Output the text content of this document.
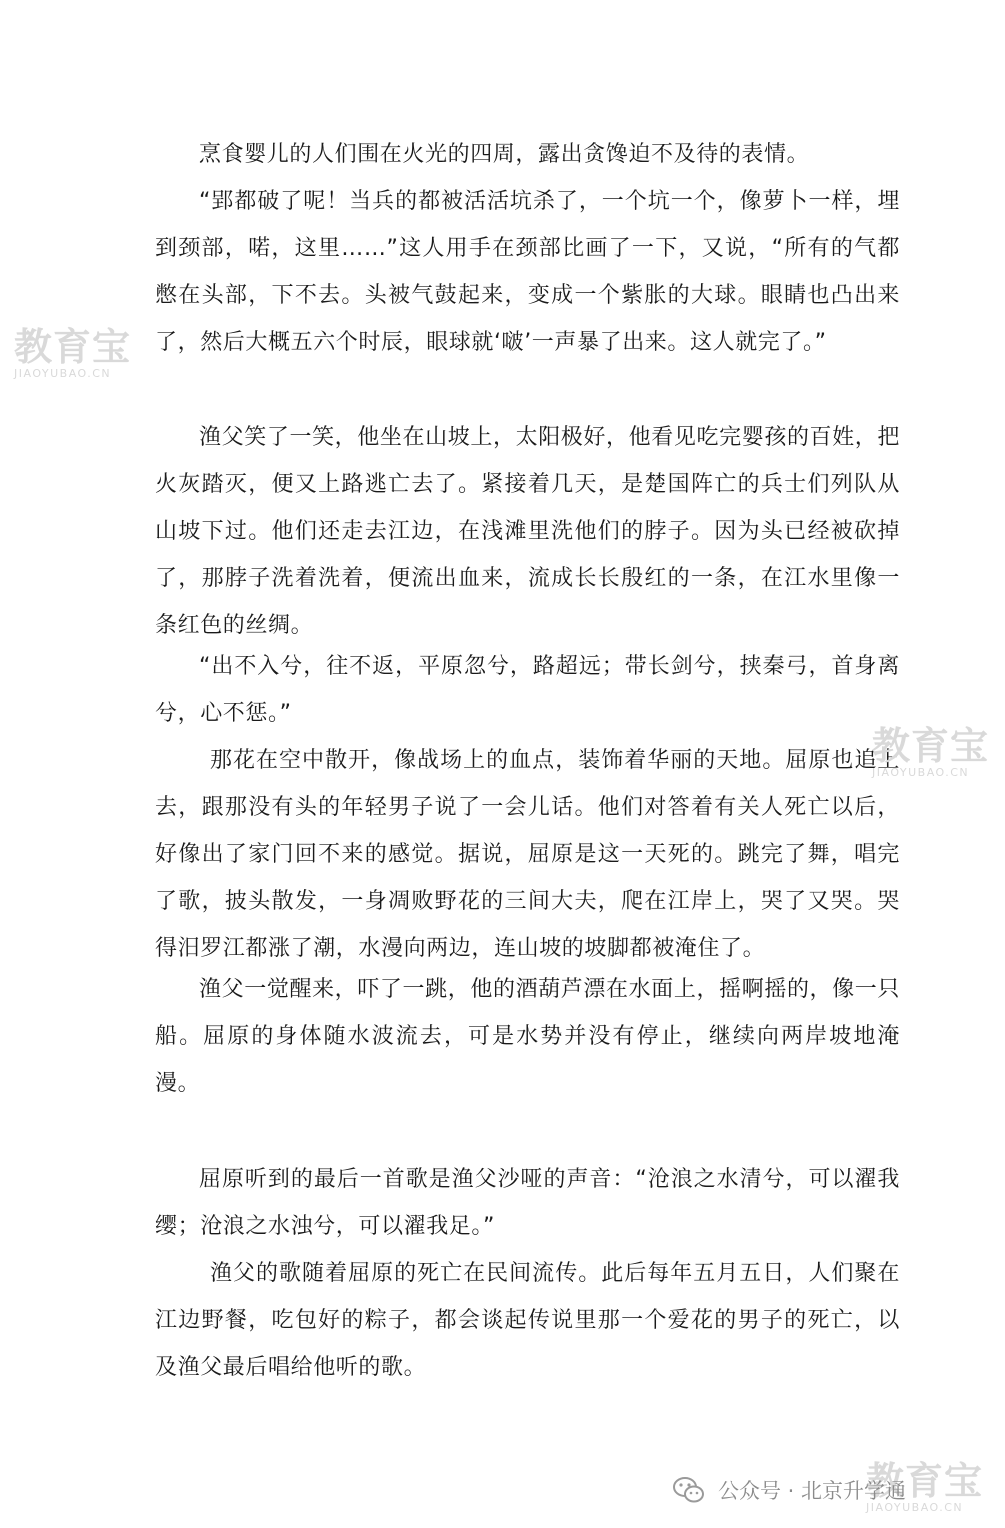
烹食婴儿的人们围在火光的四周，露出贪馋迫不及待的表情。

“郢都破了呢！当兵的都被活活坑杀了，一个坑一个，像萝卜一样，埋到颈部，喏，这里……”这人用手在颈部比画了一下，又说，“所有的气都憋在头部，下不去。头被气鼓起来，变成一个紫胀的大球。眼睛也凸出来了，然后大概五六个时辰，眼球就‘啵’一声暴了出来。这人就完了。”

渔父笑了一笑，他坐在山坡上，太阳极好，他看见吃完婴孩的百姓，把火灰踏灭，便又上路逃亡去了。紧接着几天，是楚国阵亡的兵士们列队从山坡下过。他们还走去江边，在浅滩里洗他们的脖子。因为头已经被砍掉了，那脖子洗着洗着，便流出血来，流成长长殷红的一条，在江水里像一条红色的丝绸。

“出不入兮，往不返，平原忽兮，路超远；带长剑兮，挟秦弓，首身离兮，心不惩。”

那花在空中散开，像战场上的血点，装饰着华丽的天地。屈原也追上去，跟那没有头的年轻男子说了一会儿话。他们对答着有关人死亡以后，好像出了家门回不来的感觉。据说，屈原是这一天死的。跳完了舞，唱完了歌，披头散发，一身凋败野花的三间大夫，爬在江岸上，哭了又哭。哭得汨罗江都涨了潮，水漫向两边，连山坡的坡脚都被淹住了。

渔父一觉醒来，吓了一跳，他的酒葫芦漂在水面上，摇啊摇的，像一只船。屈原的身体随水波流去，可是水势并没有停止，继续向两岸坡地淹漫。

屈原听到的最后一首歌是渔父沙哑的声音：“沧浪之水清兮，可以濯我缨；沧浪之水浊兮，可以濯我足。”

渔父的歌随着屈原的死亡在民间流传。此后每年五月五日，人们聚在江边野餐，吃包好的粽子，都会谈起传说里那一个爱花的男子的死亡，以及渔父最后唱给他听的歌。

教育宝
JIAOYUBAO.CN
教育宝
JIAOYUBAO.CN
教育宝
JIAOYUBAO.CN
公众号 · 北京升学通
